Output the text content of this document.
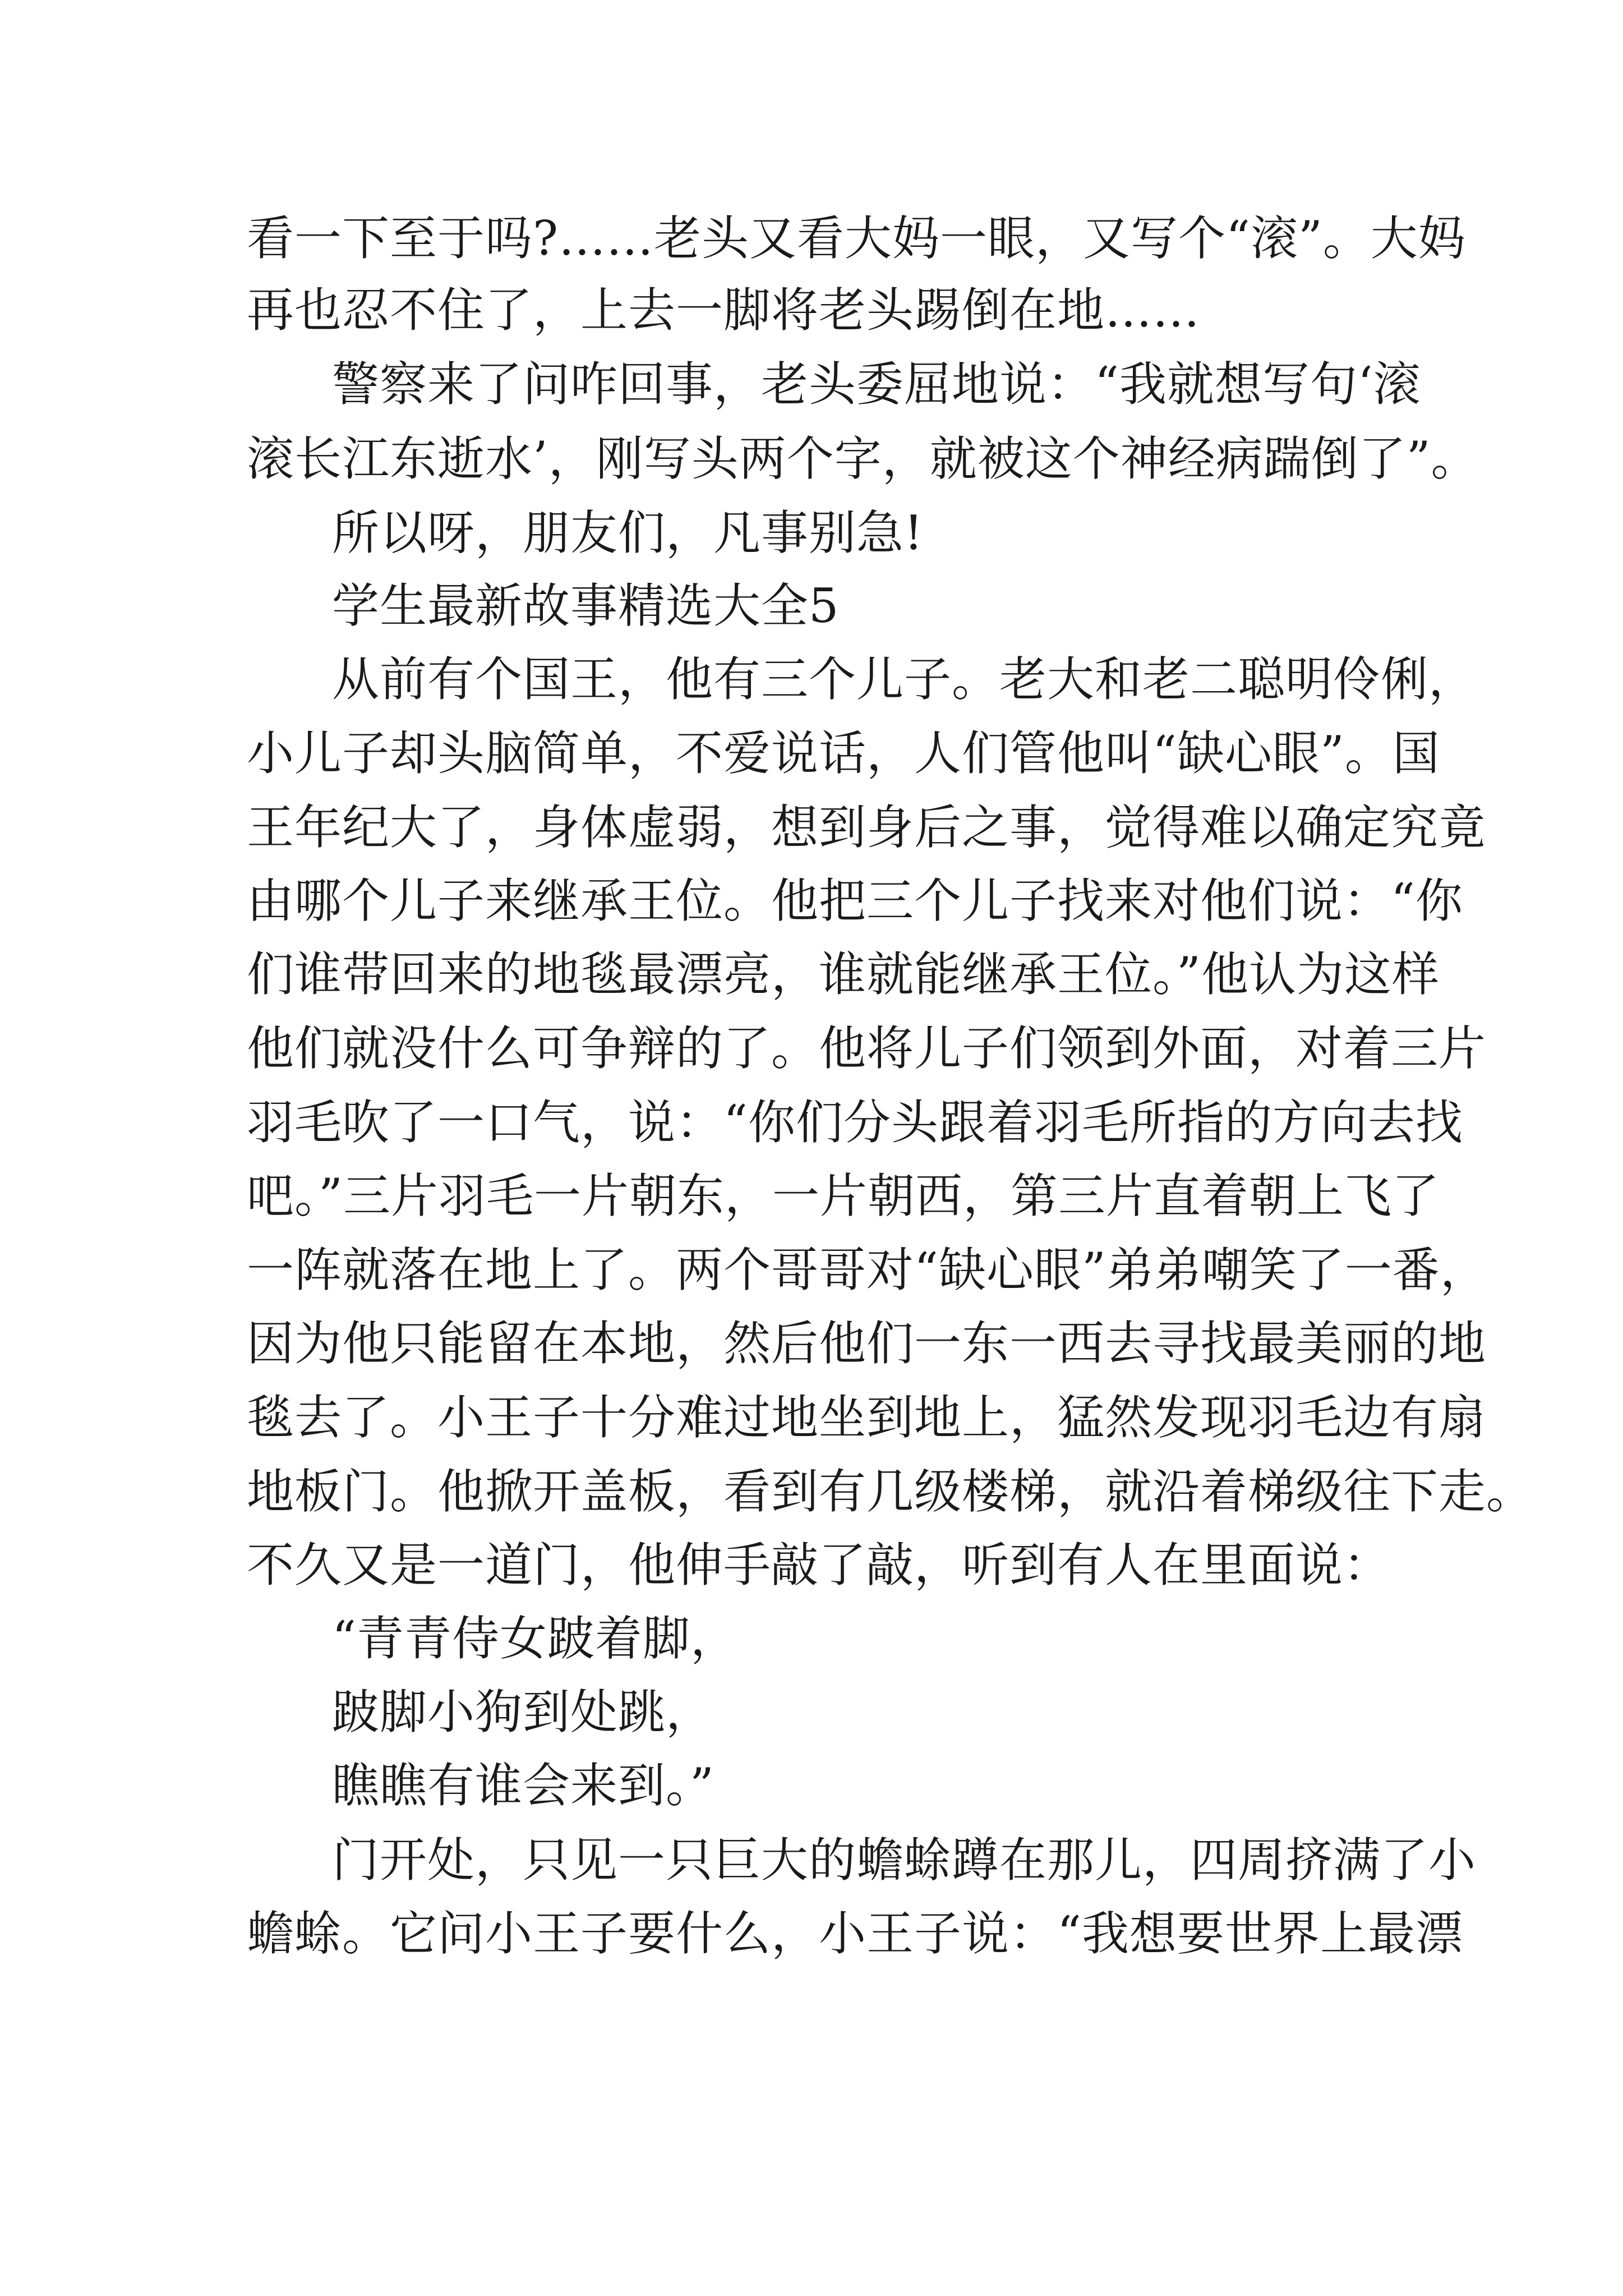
看一下至于吗?……老头又看大妈一眼，又写个“滚”。大妈
再也忍不住了，上去一脚将老头踢倒在地……
警察来了问咋回事，老头委屈地说：“我就想写句‘滚
滚长江东逝水’，刚写头两个字，就被这个神经病踹倒了”。
所以呀，朋友们，凡事别急!
学生最新故事精选大全5
从前有个国王，他有三个儿子。老大和老二聪明伶俐，
小儿子却头脑简单，不爱说话，人们管他叫“缺心眼”。国
王年纪大了，身体虚弱，想到身后之事，觉得难以确定究竟
由哪个儿子来继承王位。他把三个儿子找来对他们说：“你
们谁带回来的地毯最漂亮，谁就能继承王位。”他认为这样
他们就没什么可争辩的了。他将儿子们领到外面，对着三片
羽毛吹了一口气，说：“你们分头跟着羽毛所指的方向去找
吧。”三片羽毛一片朝东，一片朝西，第三片直着朝上飞了
一阵就落在地上了。两个哥哥对“缺心眼”弟弟嘲笑了一番，
因为他只能留在本地，然后他们一东一西去寻找最美丽的地
毯去了。小王子十分难过地坐到地上，猛然发现羽毛边有扇
地板门。他掀开盖板，看到有几级楼梯，就沿着梯级往下走。
不久又是一道门，他伸手敲了敲，听到有人在里面说：
“青青侍女跛着脚，
跛脚小狗到处跳，
瞧瞧有谁会来到。”
门开处，只见一只巨大的蟾蜍蹲在那儿，四周挤满了小
蟾蜍。它问小王子要什么，小王子说：“我想要世界上最漂
